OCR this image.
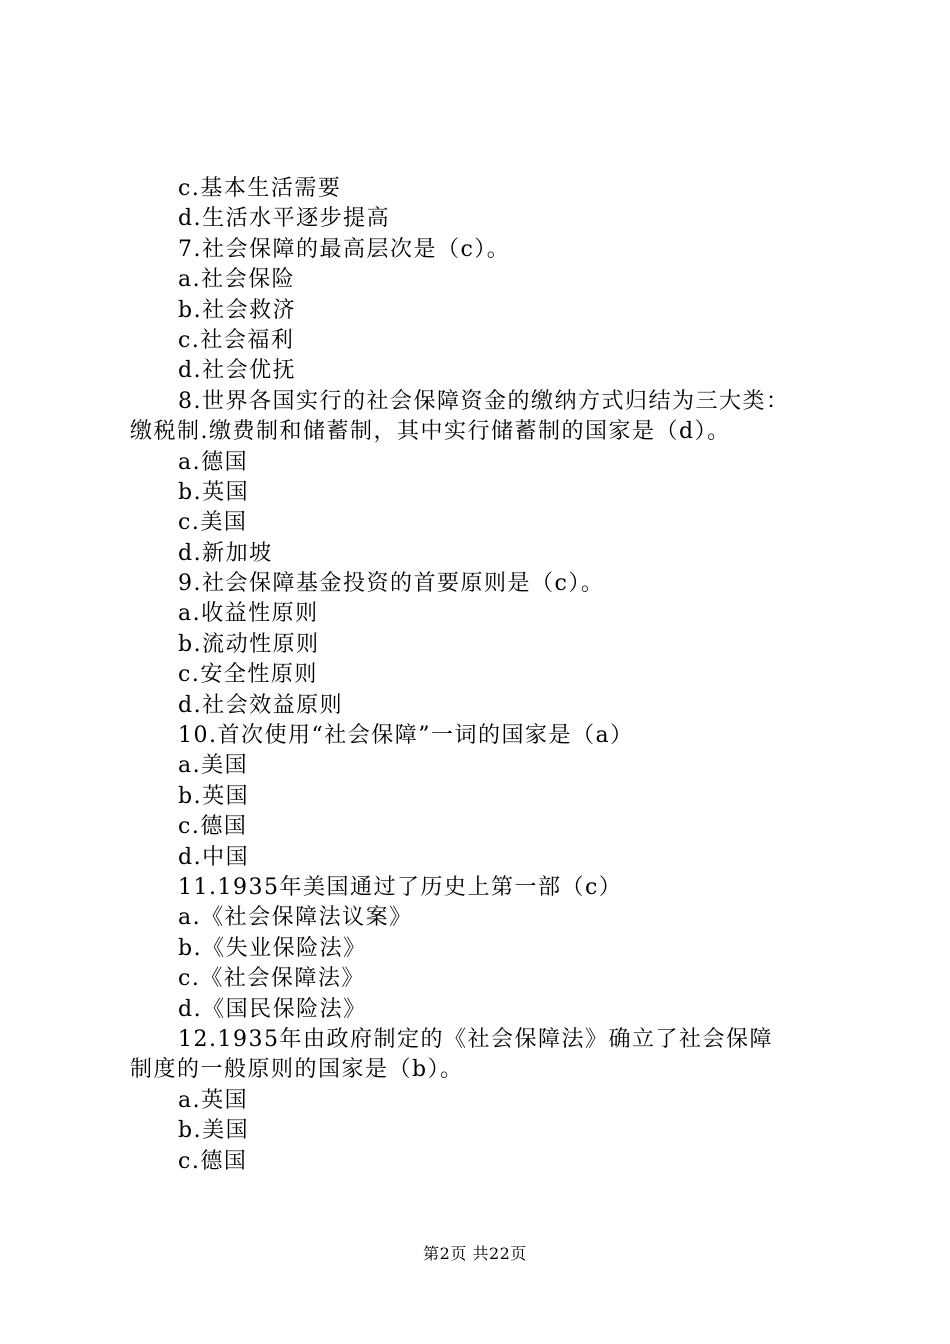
c.基本生活需要
d.生活水平逐步提高
7.社会保障的最高层次是（c）。
a.社会保险
b.社会救济
c.社会福利
d.社会优抚
8.世界各国实行的社会保障资金的缴纳方式归结为三大类：
缴税制.缴费制和储蓄制，其中实行储蓄制的国家是（d）。
a.德国
b.英国
c.美国
d.新加坡
9.社会保障基金投资的首要原则是（c）。
a.收益性原则
b.流动性原则
c.安全性原则
d.社会效益原则
10.首次使用“社会保障”一词的国家是（a）
a.美国
b.英国
c.德国
d.中国
11.1935年美国通过了历史上第一部（c）
a.《社会保障法议案》
b.《失业保险法》
c.《社会保障法》
d.《国民保险法》
12.1935年由政府制定的《社会保障法》确立了社会保障
制度的一般原则的国家是（b）。
a.英国
b.美国
c.德国
第2页 共22页
